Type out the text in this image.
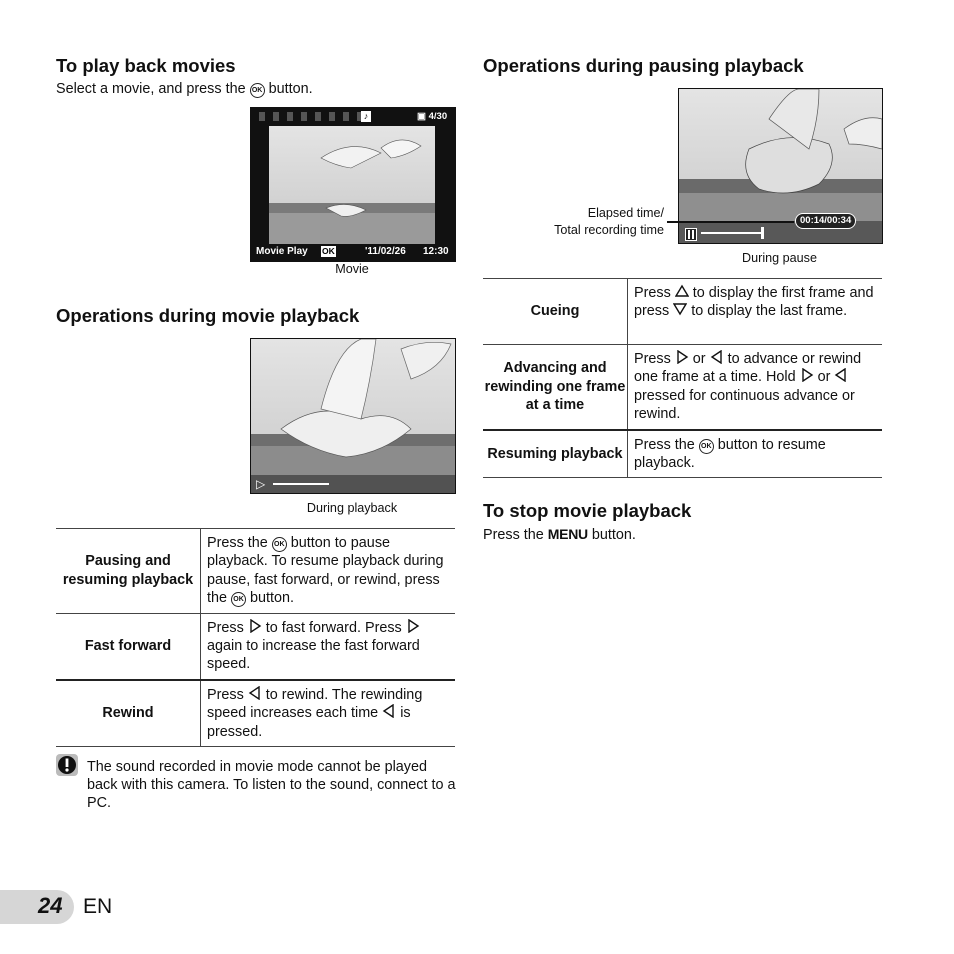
To play back movies
Select a movie, and press the OK button.
♪	▣ 4/30
Movie Play OK	'11/02/26 12:30
Movie
Operations during movie playback
▷
During playback
Pausing and resuming playback	Press the OK button to pause playback. To resume playback during pause, fast forward, or rewind, press the OK button.
Fast forward	Press to fast forward. Press  again to increase the fast forward speed.
Rewind	Press to rewind. The rewinding speed increases each time is pressed.
The sound recorded in movie mode cannot be played back with this camera. To listen to the sound, connect to a PC.
Operations during pausing playback
00:14/00:34
Elapsed time/
Total recording time
During pause
Cueing	Press to display the first frame and press to display the last frame.
Advancing and rewinding one frame at a time	Press or to advance or rewind one frame at a time. Hold or  pressed for continuous advance or rewind.
Resuming playback	Press the OK button to resume playback.
To stop movie playback
Press the MENU button.
24 EN
